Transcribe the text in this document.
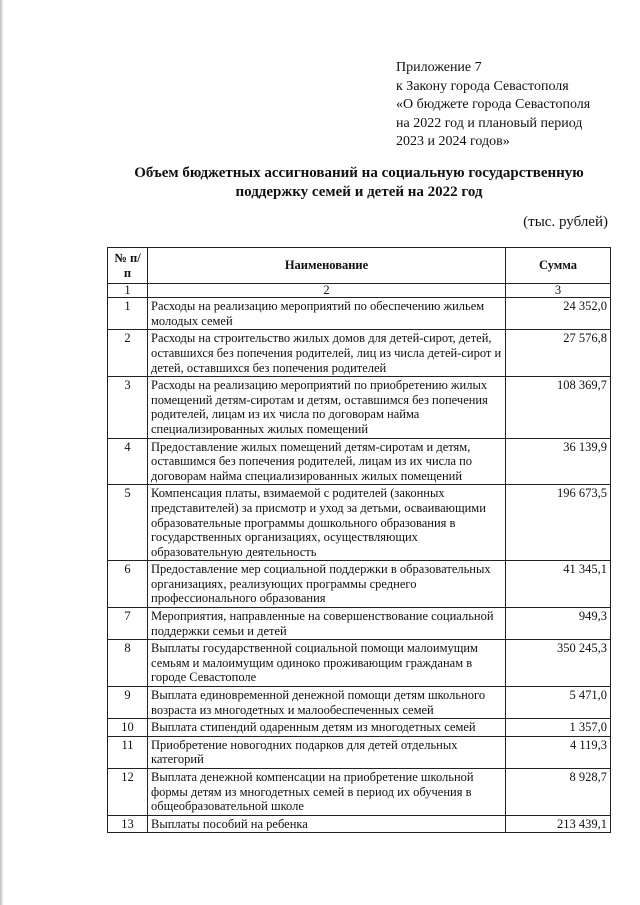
Приложение 7
к Закону города Севастополя
«О бюджете города Севастополя
на 2022 год и плановый период
2023 и 2024 годов»
Объем бюджетных ассигнований на социальную государственную
поддержку семей и детей на 2022 год
(тыс. рублей)
№ п/п	Наименование	Сумма
1	2	3
1	Расходы на реализацию мероприятий по обеспечению жильем молодых семей	24 352,0
2	Расходы на строительство жилых домов для детей-сирот, детей, оставшихся без попечения родителей, лиц из числа детей-сирот и детей, оставшихся без попечения родителей	27 576,8
3	Расходы на реализацию мероприятий по приобретению жилых помещений детям-сиротам и детям, оставшимся без попечения родителей, лицам из их числа по договорам найма специализированных жилых помещений	108 369,7
4	Предоставление жилых помещений детям-сиротам и детям, оставшимся без попечения родителей, лицам из их числа по договорам найма специализированных жилых помещений	36 139,9
5	Компенсация платы, взимаемой с родителей (законных представителей) за присмотр и уход за детьми, осваивающими образовательные программы дошкольного образования в государственных организациях, осуществляющих образовательную деятельность	196 673,5
6	Предоставление мер социальной поддержки в образовательных организациях, реализующих программы среднего профессионального образования	41 345,1
7	Мероприятия, направленные на совершенствование социальной поддержки семьи и детей	949,3
8	Выплаты государственной социальной помощи малоимущим семьям и малоимущим одиноко проживающим гражданам в городе Севастополе	350 245,3
9	Выплата единовременной денежной помощи детям школьного возраста из многодетных и малообеспеченных семей	5 471,0
10	Выплата стипендий одаренным детям из многодетных семей	1 357,0
11	Приобретение новогодних подарков для детей отдельных категорий	4 119,3
12	Выплата денежной компенсации на приобретение школьной формы детям из многодетных семей в период их обучения в общеобразовательной школе	8 928,7
13	Выплаты пособий на ребенка	213 439,1
